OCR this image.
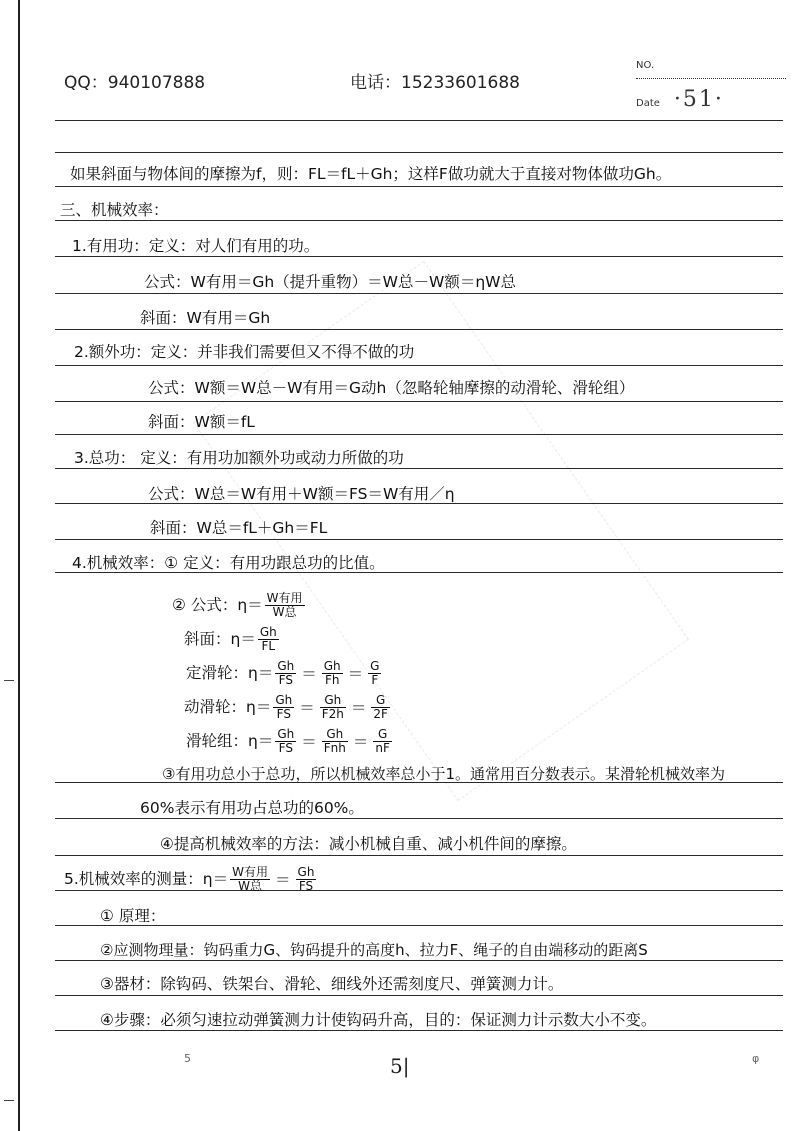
QQ：940107888	电话：15233601688
NO.
Date ·51·
如果斜面与物体间的摩擦为f，则：FL＝fL＋Gh；这样F做功就大于直接对物体做功Gh。
三、机械效率：
1.有用功：定义：对人们有用的功。
公式：W有用＝Gh（提升重物）＝W总－W额＝ηW总
斜面：W有用＝Gh
2.额外功：定义：并非我们需要但又不得不做的功
公式：W额＝W总－W有用＝G动h（忽略轮轴摩擦的动滑轮、滑轮组）
斜面：W额＝fL
3.总功： 定义：有用功加额外功或动力所做的功
公式：W总＝W有用＋W额＝FS＝W有用／η
斜面：W总＝fL＋Gh＝FL
4.机械效率：① 定义：有用功跟总功的比值。
② 公式：$\eta= \frac{\text{W有用}}{\text{W总}}$
斜面：$\eta= \frac{Gh}{FL}$
定滑轮：$\eta= \frac{Gh}{FS} = \frac{Gh}{Fh} = \frac{G}{F}$
动滑轮：$\eta= \frac{Gh}{FS} = \frac{Gh}{F2h} = \frac{G}{2F}$
滑轮组：$\eta= \frac{Gh}{FS} = \frac{Gh}{\text{Fnh}} = \frac{G}{nF}$
③有用功总小于总功，所以机械效率总小于1。通常用百分数表示。某滑轮机械效率为
60%表示有用功占总功的60%。
④提高机械效率的方法：减小机械自重、减小机件间的摩擦。
5.机械效率的测量：$\eta= \frac{\text{W有用}}{\text{W总}} = \frac{Gh}{FS}$
① 原理：
②应测物理量：钩码重力G、钩码提升的高度h、拉力F、绳子的自由端移动的距离S
③器材：除钩码、铁架台、滑轮、细线外还需刻度尺、弹簧测力计。
④步骤：必须匀速拉动弹簧测力计使钩码升高，目的：保证测力计示数大小不变。
5	5|	φ
